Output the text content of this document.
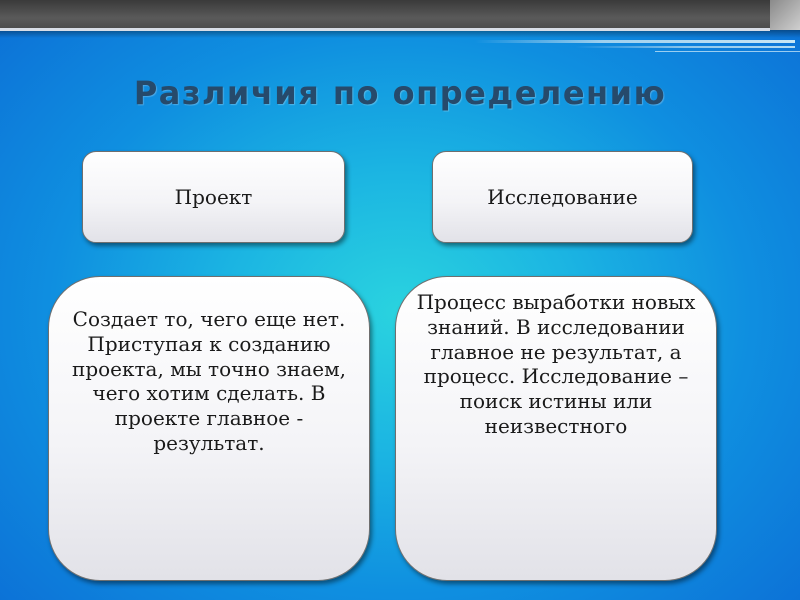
Различия по определению
Проект	Исследование
Создает то, чего еще нет. Приступая к созданию проекта, мы точно знаем, чего хотим сделать. В проекте главное - результат.
Процесс выработки новых знаний. В исследовании главное не результат, а процесс. Исследование – поиск истины или неизвестного
